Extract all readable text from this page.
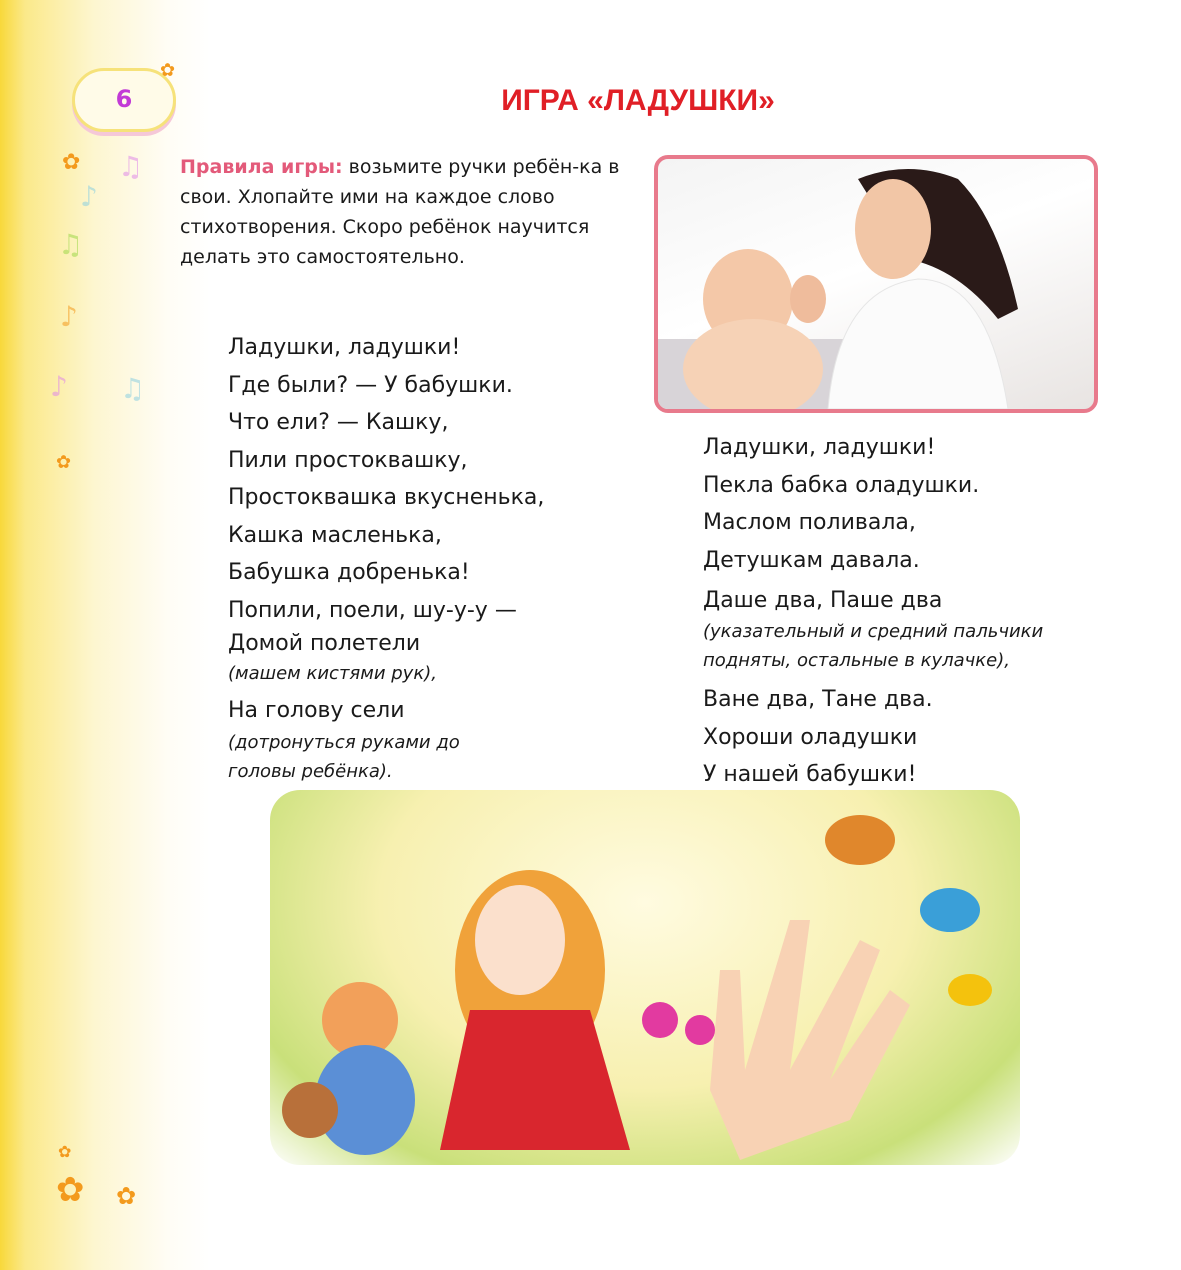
6
✿
✿ ♫
♪
♫
♪
♪ ♫
✿
✿
✿ ✿
ИГРА «ЛАДУШКИ»

Правила игры: возьмите ручки ребён-ка в свои. Хлопайте ими на каждое слово стихотворения. Скоро ребёнок научится делать это самостоятельно.

Ладушки, ладушки!
Где были? — У бабушки.
Что ели? — Кашку,
Пили простоквашку,
Простоквашка вкусненька,
Кашка масленька,
Бабушка добренька!
Попили, поели, шу-у-у —
Домой полетели
(машем кистями рук),
На голову сели
(дотронуться руками до головы ребёнка).
Ладушки, ладушки!
Пекла бабка оладушки.
Маслом поливала,
Детушкам давала.
Даше два, Паше два
(указательный и средний пальчики подняты, остальные в кулачке),
Ване два, Тане два.
Хороши оладушки
У нашей бабушки!
